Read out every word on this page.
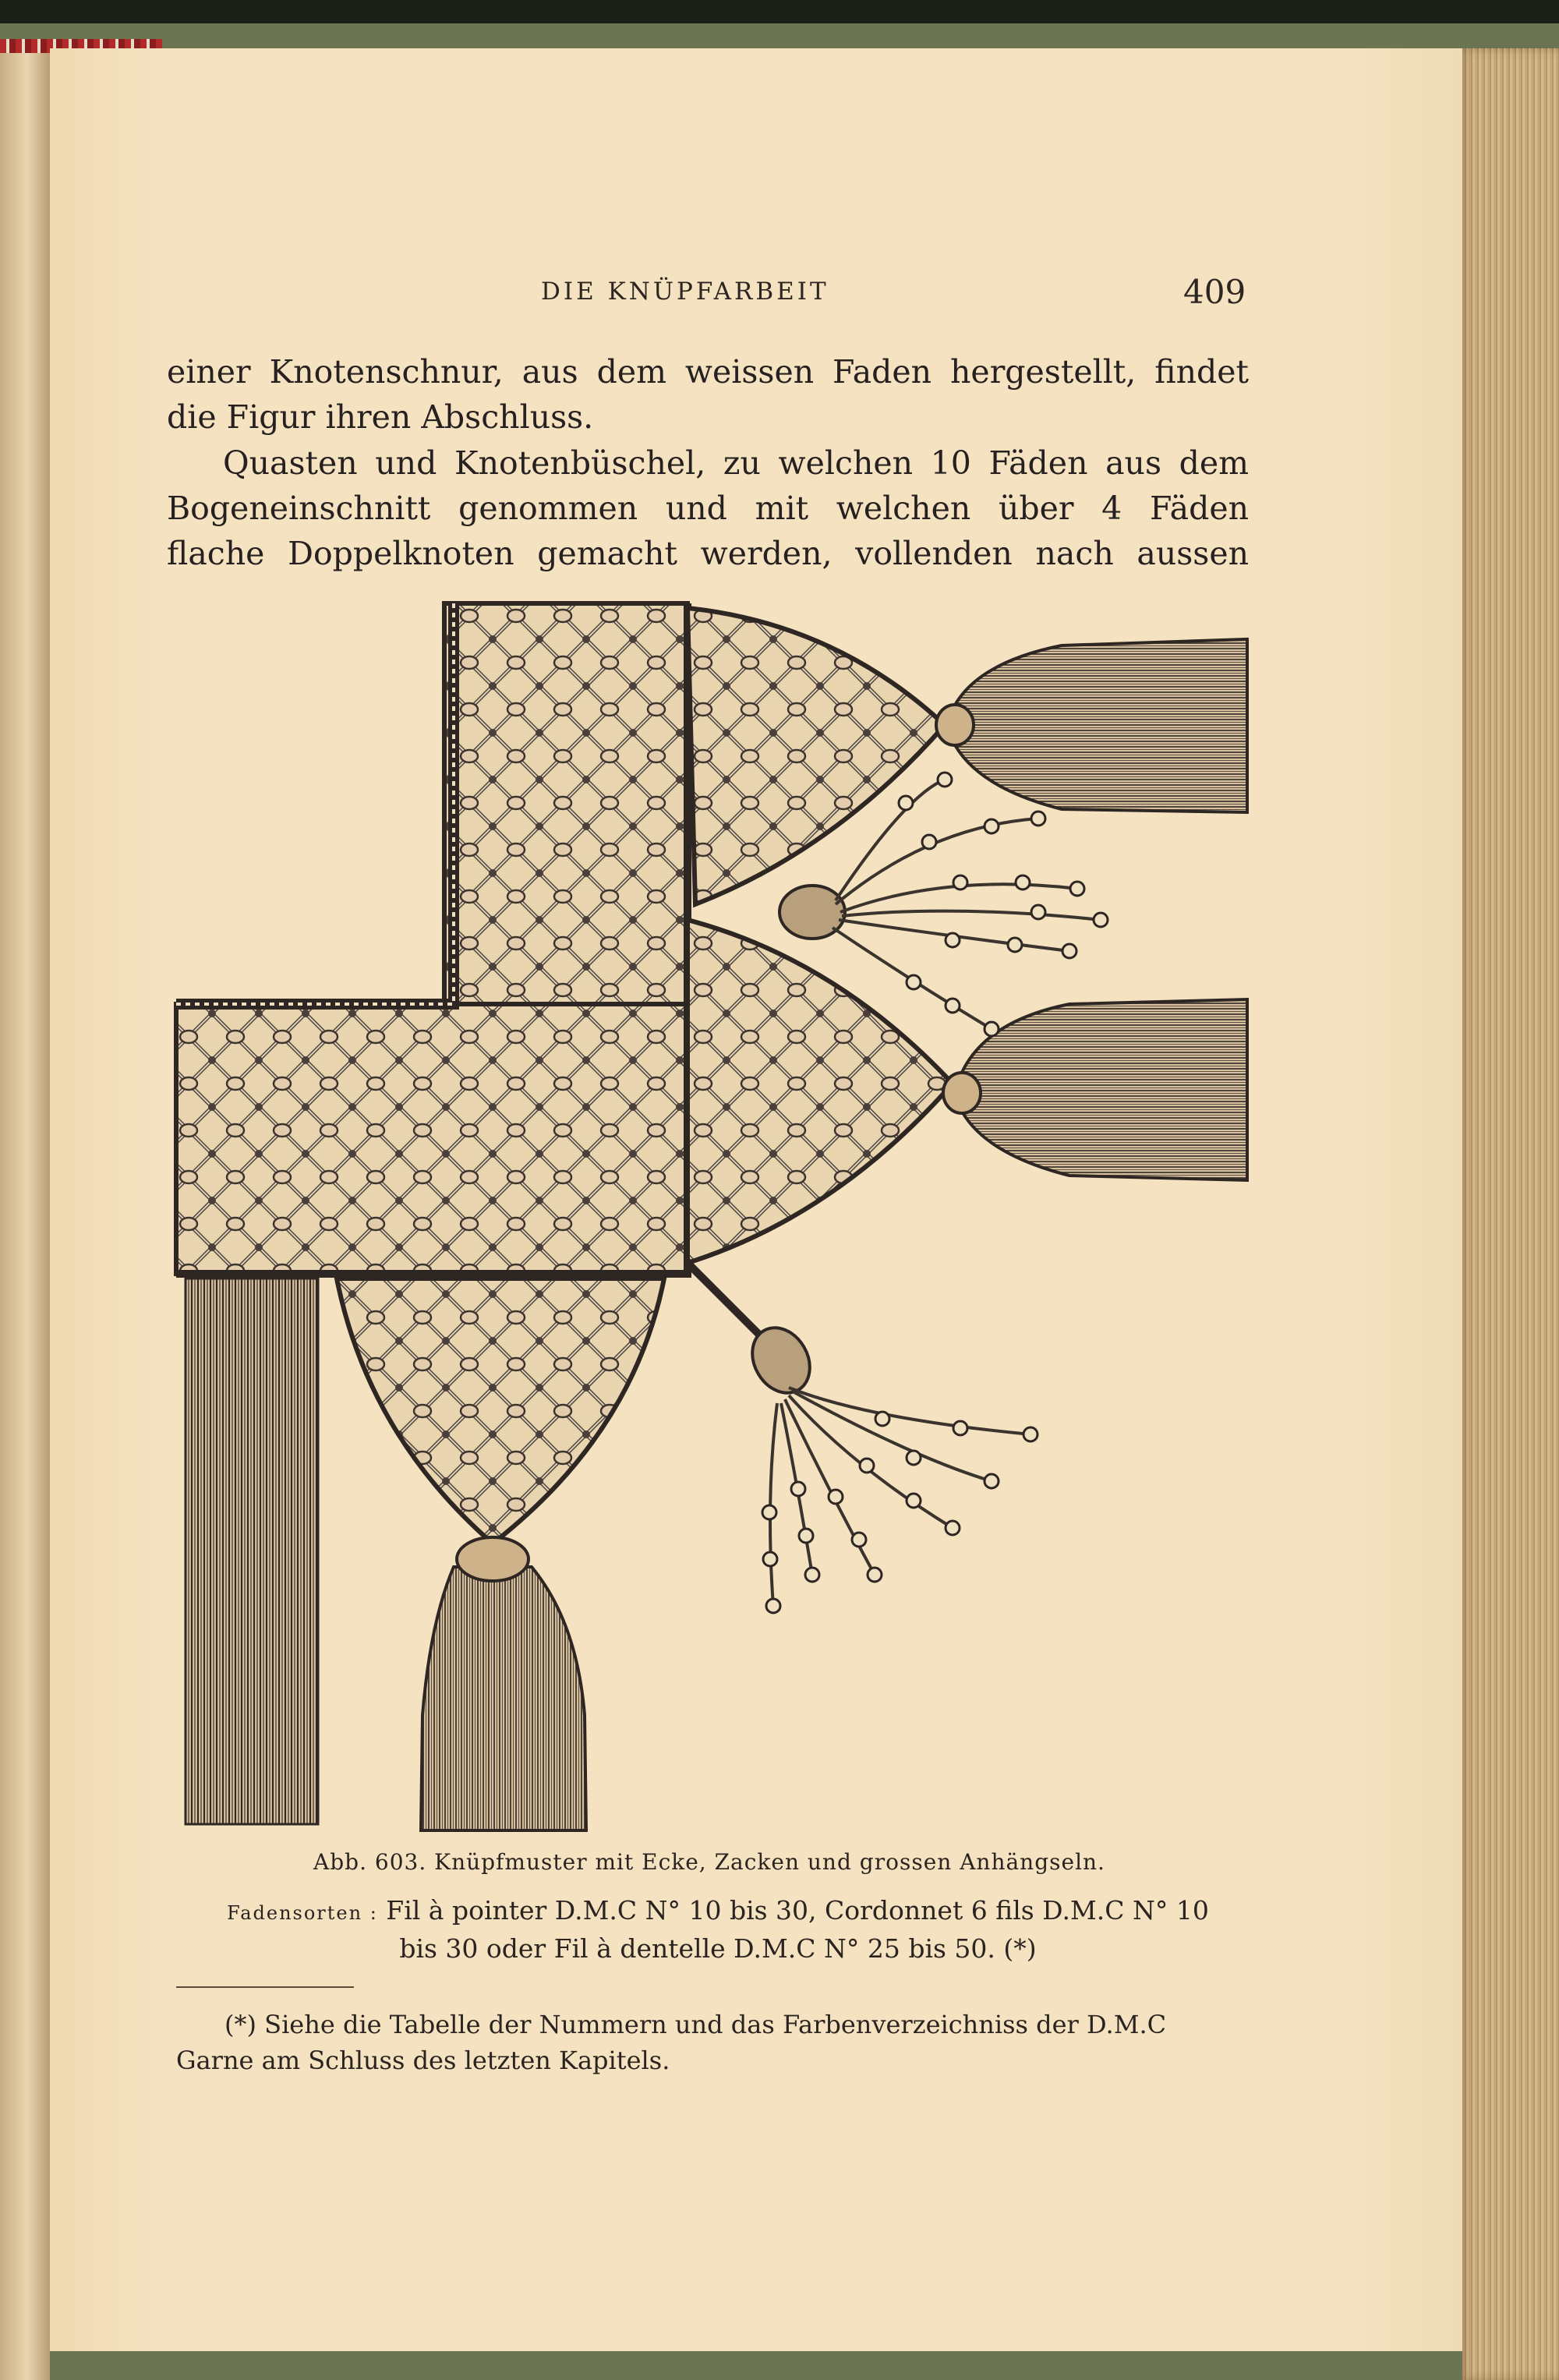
DIE KNÜPFARBEIT	409

einer Knotenschnur, aus dem weissen Faden hergestellt, findet
die Figur ihren Abschluss.

Quasten und Knotenbüschel, zu welchen 10 Fäden aus dem
Bogeneinschnitt genommen und mit welchen über 4 Fäden
flache Doppelknoten gemacht werden, vollenden nach aussen

Abb. 603. Knüpfmuster mit Ecke, Zacken und grossen Anhängseln.
Fadensorten : Fil à pointer D.M.C N° 10 bis 30, Cordonnet 6 fils D.M.C N° 10
bis 30 oder Fil à dentelle D.M.C N° 25 bis 50. (*)
(*) Siehe die Tabelle der Nummern und das Farbenverzeichniss der D.M.C
Garne am Schluss des letzten Kapitels.
